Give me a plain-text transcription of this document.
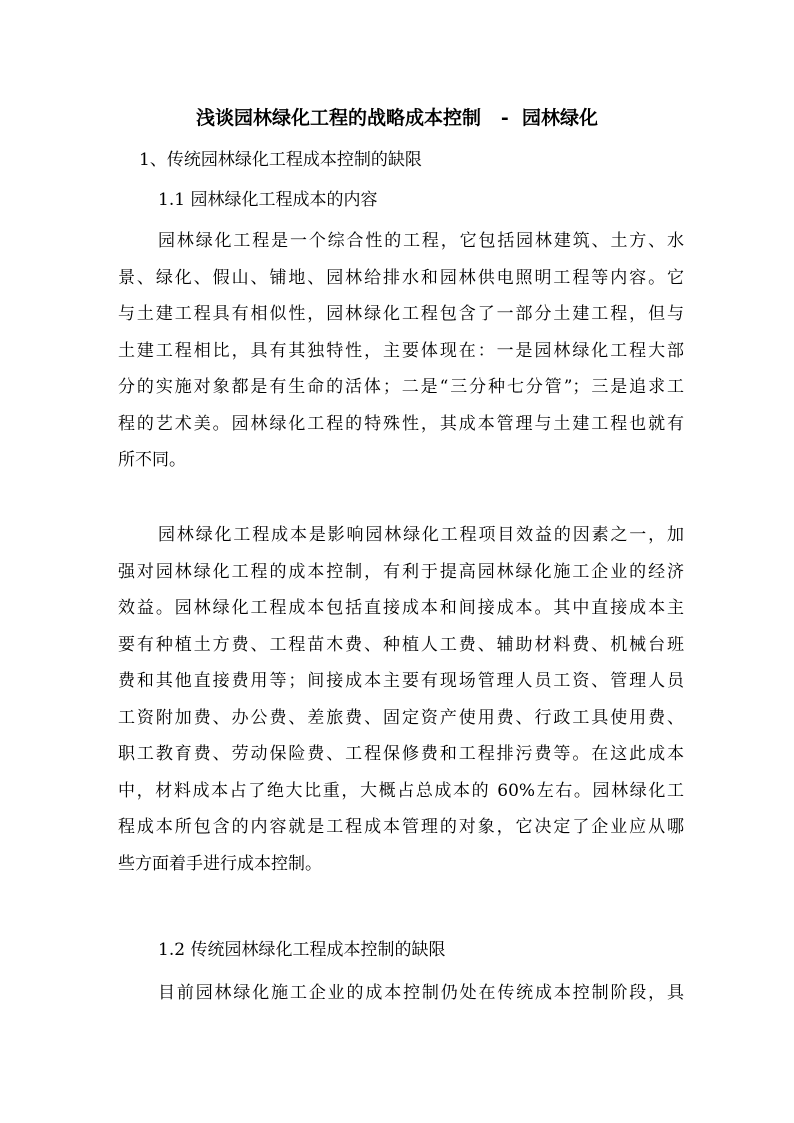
浅谈园林绿化工程的战略成本控制   -  园林绿化
1、传统园林绿化工程成本控制的缺限
1.1 园林绿化工程成本的内容
园林绿化工程是一个综合性的工程，它包括园林建筑、土方、水
景、绿化、假山、铺地、园林给排水和园林供电照明工程等内容。它
与土建工程具有相似性，园林绿化工程包含了一部分土建工程，但与
土建工程相比，具有其独特性，主要体现在：一是园林绿化工程大部
分的实施对象都是有生命的活体；二是“三分种七分管”；三是追求工
程的艺术美。园林绿化工程的特殊性，其成本管理与土建工程也就有
所不同。
园林绿化工程成本是影响园林绿化工程项目效益的因素之一，加
强对园林绿化工程的成本控制，有利于提高园林绿化施工企业的经济
效益。园林绿化工程成本包括直接成本和间接成本。其中直接成本主
要有种植土方费、工程苗木费、种植人工费、辅助材料费、机械台班
费和其他直接费用等；间接成本主要有现场管理人员工资、管理人员
工资附加费、办公费、差旅费、固定资产使用费、行政工具使用费、
职工教育费、劳动保险费、工程保修费和工程排污费等。在这此成本
中，材料成本占了绝大比重，大概占总成本的 60%左右。园林绿化工
程成本所包含的内容就是工程成本管理的对象，它决定了企业应从哪
些方面着手进行成本控制。
1.2 传统园林绿化工程成本控制的缺限
目前园林绿化施工企业的成本控制仍处在传统成本控制阶段，具
